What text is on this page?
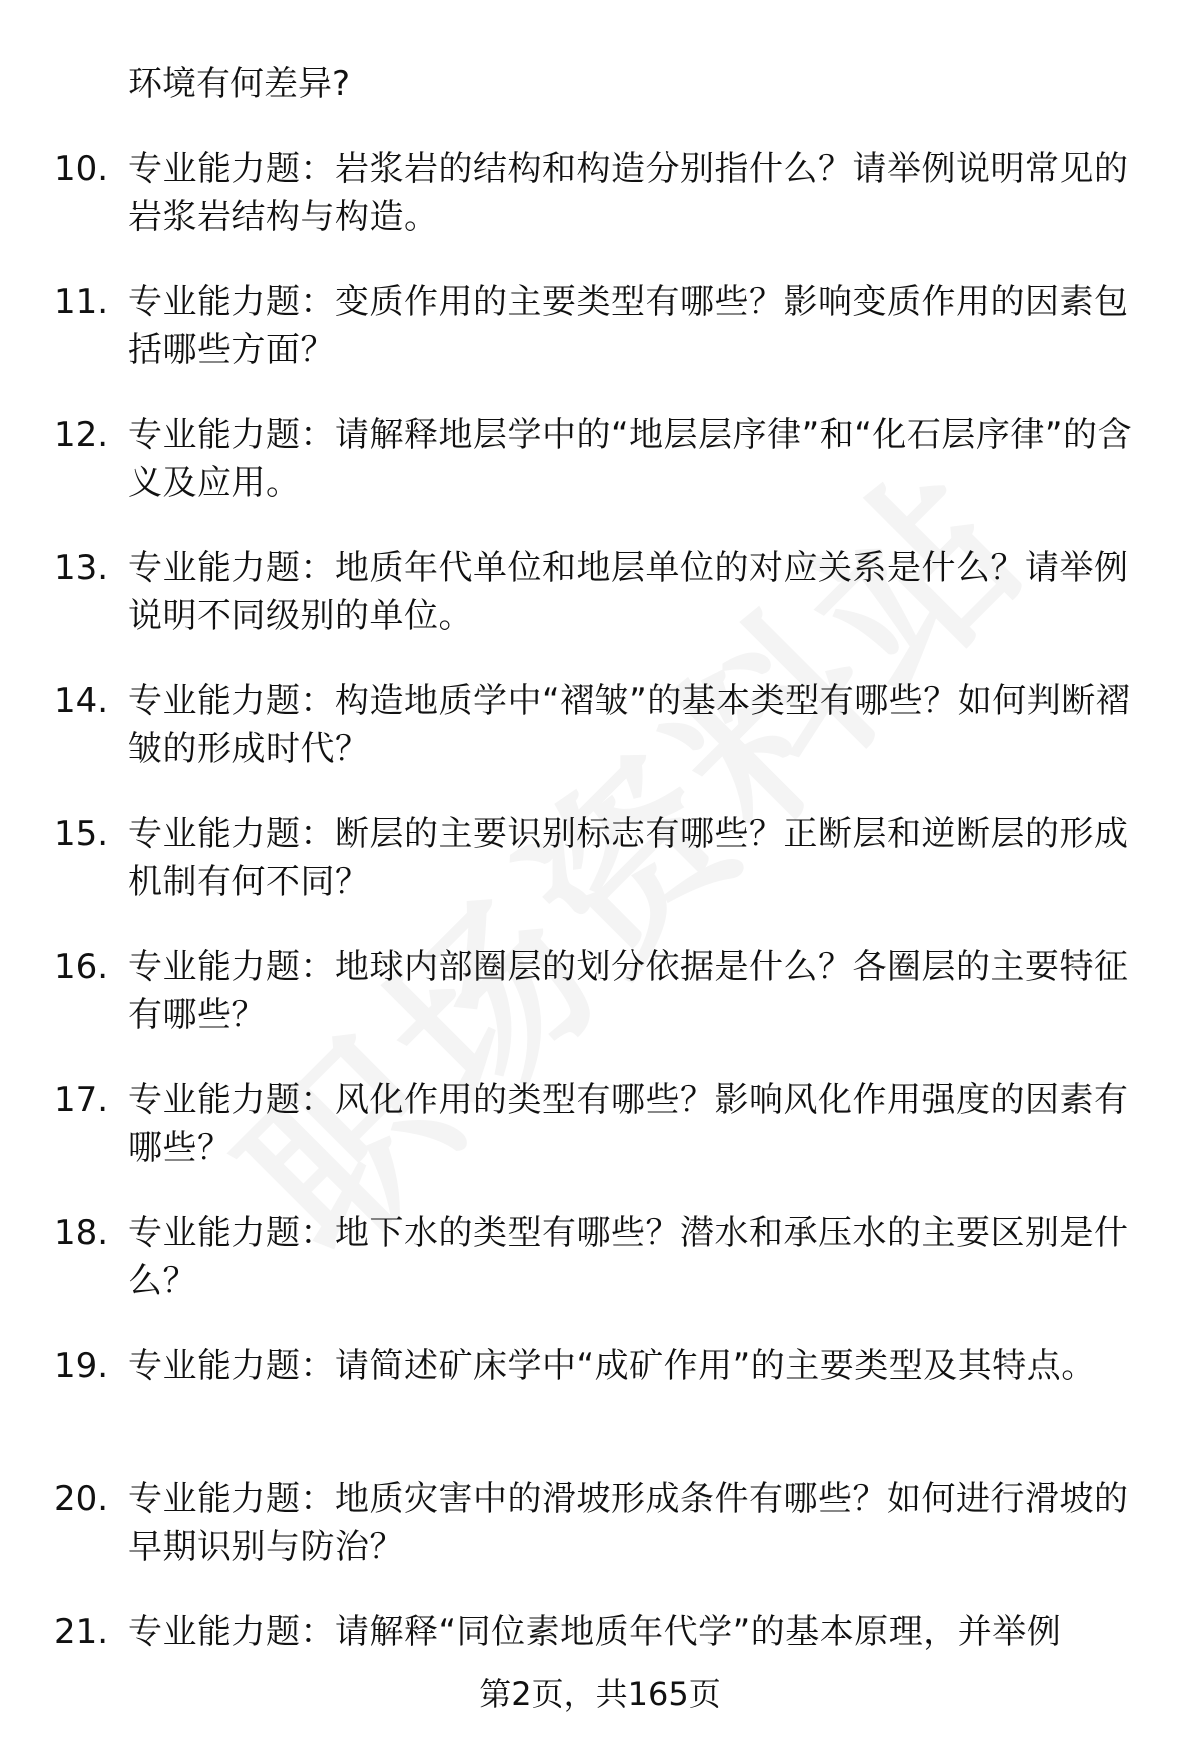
环境有何差异?
10. 专业能力题：岩浆岩的结构和构造分别指什么？请举例说明常见的岩浆岩结构与构造。
11. 专业能力题：变质作用的主要类型有哪些？影响变质作用的因素包括哪些方面？
12. 专业能力题：请解释地层学中的“地层层序律”和“化石层序律”的含义及应用。
13. 专业能力题：地质年代单位和地层单位的对应关系是什么？请举例说明不同级别的单位。
14. 专业能力题：构造地质学中“褶皱”的基本类型有哪些？如何判断褶皱的形成时代？
15. 专业能力题：断层的主要识别标志有哪些？正断层和逆断层的形成机制有何不同？
16. 专业能力题：地球内部圈层的划分依据是什么？各圈层的主要特征有哪些？
17. 专业能力题：风化作用的类型有哪些？影响风化作用强度的因素有哪些？
18. 专业能力题：地下水的类型有哪些？潜水和承压水的主要区别是什么？
19. 专业能力题：请简述矿床学中“成矿作用”的主要类型及其特点。
20. 专业能力题：地质灾害中的滑坡形成条件有哪些？如何进行滑坡的早期识别与防治？
21. 专业能力题：请解释“同位素地质年代学”的基本原理，并举例
第2页，共165页
